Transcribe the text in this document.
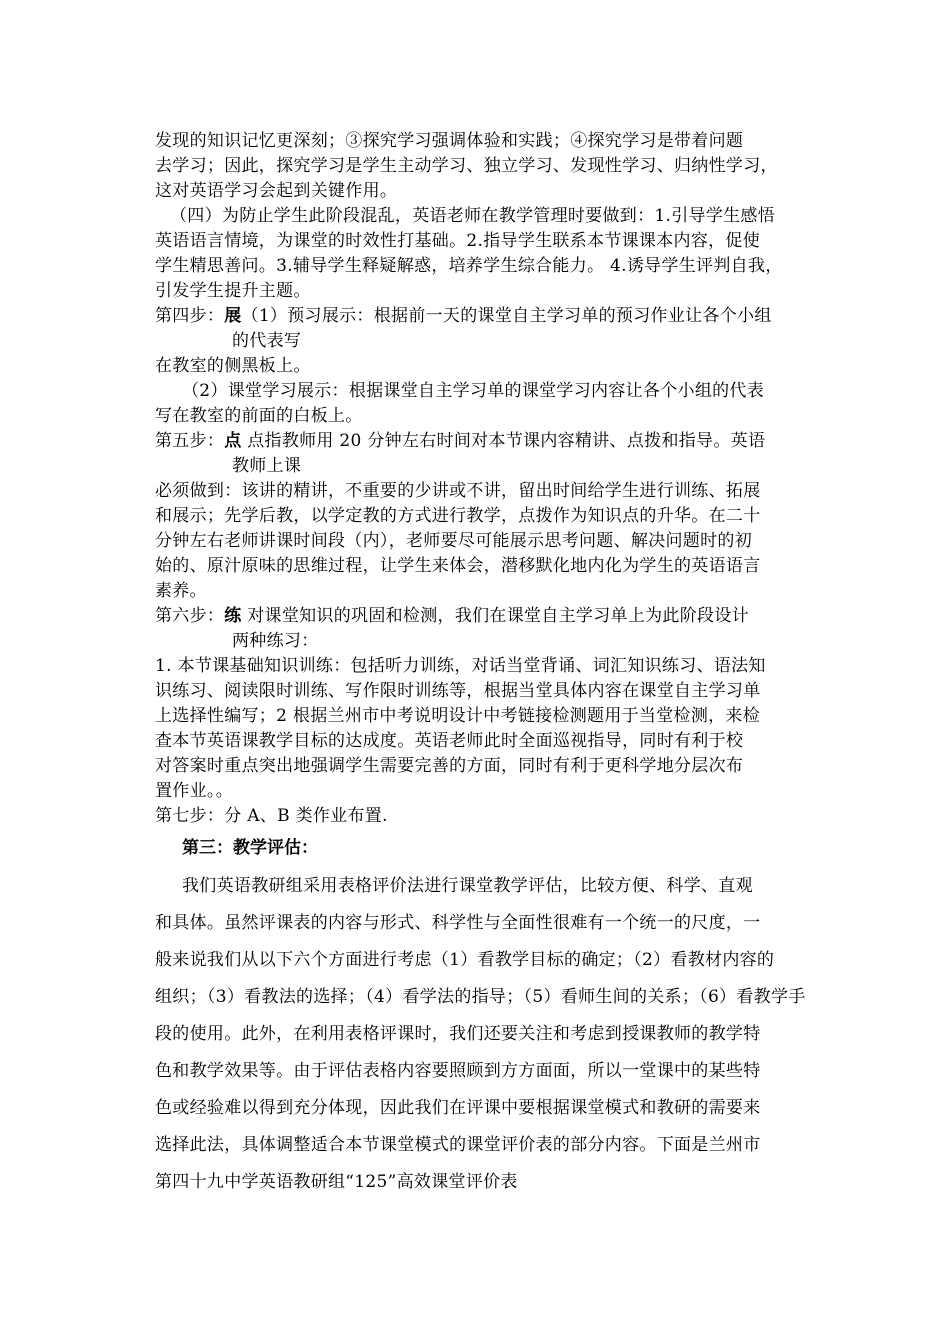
发现的知识记忆更深刻；③探究学习强调体验和实践；④探究学习是带着问题
去学习；因此，探究学习是学生主动学习、独立学习、发现性学习、归纳性学习，
这对英语学习会起到关键作用。
（四）为防止学生此阶段混乱，英语老师在教学管理时要做到：1.引导学生感悟
英语语言情境，为课堂的时效性打基础。2.指导学生联系本节课课本内容，促使
学生精思善问。3.辅导学生释疑解惑，培养学生综合能力。 4.诱导学生评判自我，
引发学生提升主题。
第四步：展（1）预习展示：根据前一天的课堂自主学习单的预习作业让各个小组
的代表写
在教室的侧黑板上。
（2）课堂学习展示：根据课堂自主学习单的课堂学习内容让各个小组的代表
写在教室的前面的白板上。
第五步：点 点指教师用 20 分钟左右时间对本节课内容精讲、点拨和指导。英语
教师上课
必须做到：该讲的精讲，不重要的少讲或不讲，留出时间给学生进行训练、拓展
和展示；先学后教，以学定教的方式进行教学，点拨作为知识点的升华。在二十
分钟左右老师讲课时间段（内），老师要尽可能展示思考问题、解决问题时的初
始的、原汁原味的思维过程，让学生来体会，潜移默化地内化为学生的英语语言
素养。
第六步：练 对课堂知识的巩固和检测，我们在课堂自主学习单上为此阶段设计
两种练习：
1. 本节课基础知识训练：包括听力训练，对话当堂背诵、词汇知识练习、语法知
识练习、阅读限时训练、写作限时训练等，根据当堂具体内容在课堂自主学习单
上选择性编写；2 根据兰州市中考说明设计中考链接检测题用于当堂检测，来检
查本节英语课教学目标的达成度。英语老师此时全面巡视指导，同时有利于校
对答案时重点突出地强调学生需要完善的方面，同时有利于更科学地分层次布
置作业。。
第七步：分 A、B 类作业布置.
第三：教学评估：
我们英语教研组采用表格评价法进行课堂教学评估，比较方便、科学、直观
和具体。虽然评课表的内容与形式、科学性与全面性很难有一个统一的尺度，一
般来说我们从以下六个方面进行考虑（1）看教学目标的确定；（2）看教材内容的
组织；（3）看教法的选择；（4）看学法的指导；（5）看师生间的关系；（6）看教学手
段的使用。此外，在利用表格评课时，我们还要关注和考虑到授课教师的教学特
色和教学效果等。由于评估表格内容要照顾到方方面面，所以一堂课中的某些特
色或经验难以得到充分体现，因此我们在评课中要根据课堂模式和教研的需要来
选择此法，具体调整适合本节课堂模式的课堂评价表的部分内容。下面是兰州市
第四十九中学英语教研组“125”高效课堂评价表
